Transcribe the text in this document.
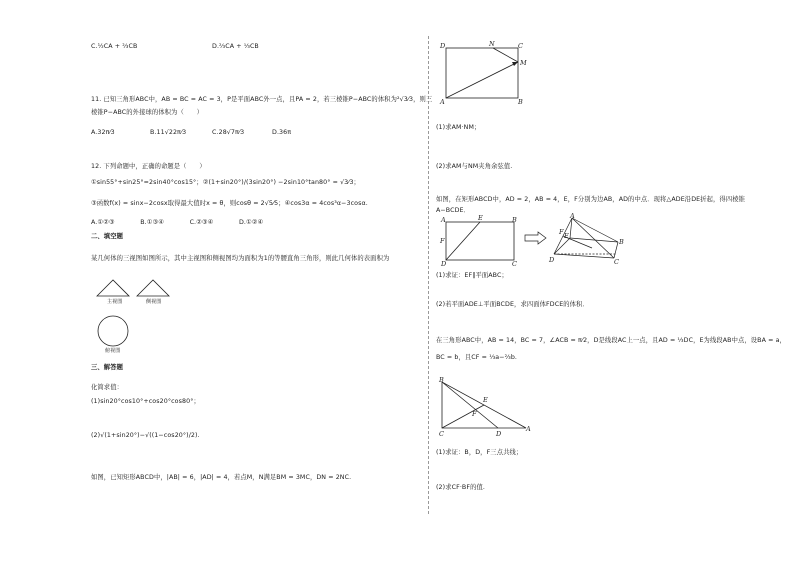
C.½CA + ⅔CB	D.⅔CA + ⅓CB
11. 已知三角形ABC中，AB = BC = AC = 3，P是平面ABC外一点，且PA = 2，若三棱锥P−ABC的体积为²√3⁄3，则三
棱锥P−ABC的外接球的体积为（　　）
A.32π⁄3	B.11√22π⁄3	C.28√7π⁄3	D.36π
12. 下列命题中，正确的命题是（　　）
①sin55°+sin25°=2sin40°cos15°；②(1+sin20°)/(3sin20°) −2sin10°tan80° = √3⁄3；
③函数f(x) = sinx−2cosx取得最大值时x = θ，则cosθ = 2√5⁄5；④cos3α = 4cos³α−3cosα.
A.①②③　　　　B.①③④　　　　C.②③④　　　　D.①②④
二、填空题
某几何体的三视图如图所示，其中主视图和侧视图均为面积为1的等腰直角三角形，则此几何体的表面积为
主视图	侧视图
俯视图
三、解答题
化简求值：
(1)sin20°cos10°+cos20°cos80°；
(2)√(1+sin20°)−√((1−cos20°)/2).
如图，已知矩形ABCD中，|AB| = 6，|AD| = 4，若点M，N满足BM = 3MC，DN = 2NC.
D	N	C
M
A	B
(1)求AM·NM；
(2)求AM与NM夹角余弦值.
如图，在矩形ABCD中，AD = 2，AB = 4，E，F分别为边AB，AD的中点．现将△ADE沿DE折起，得四棱锥
A−BCDE．
A	B
E
F
D	C
A
B
C
D
E
F
(1)求证：EF∥平面ABC；
(2)若平面ADE⊥平面BCDE，求四面体FDCE的体积．
在三角形ABC中，AB = 14，BC = 7，∠ACB = π⁄2，D是线段AC上一点，且AD = ⅓DC，E为线段AB中点，设BA = a，
BC = b，且CF = ⅓a−⅔b.
B
E
F
C	D
A
(1)求证：B，D，F三点共线；
(2)求CF·BF的值.
